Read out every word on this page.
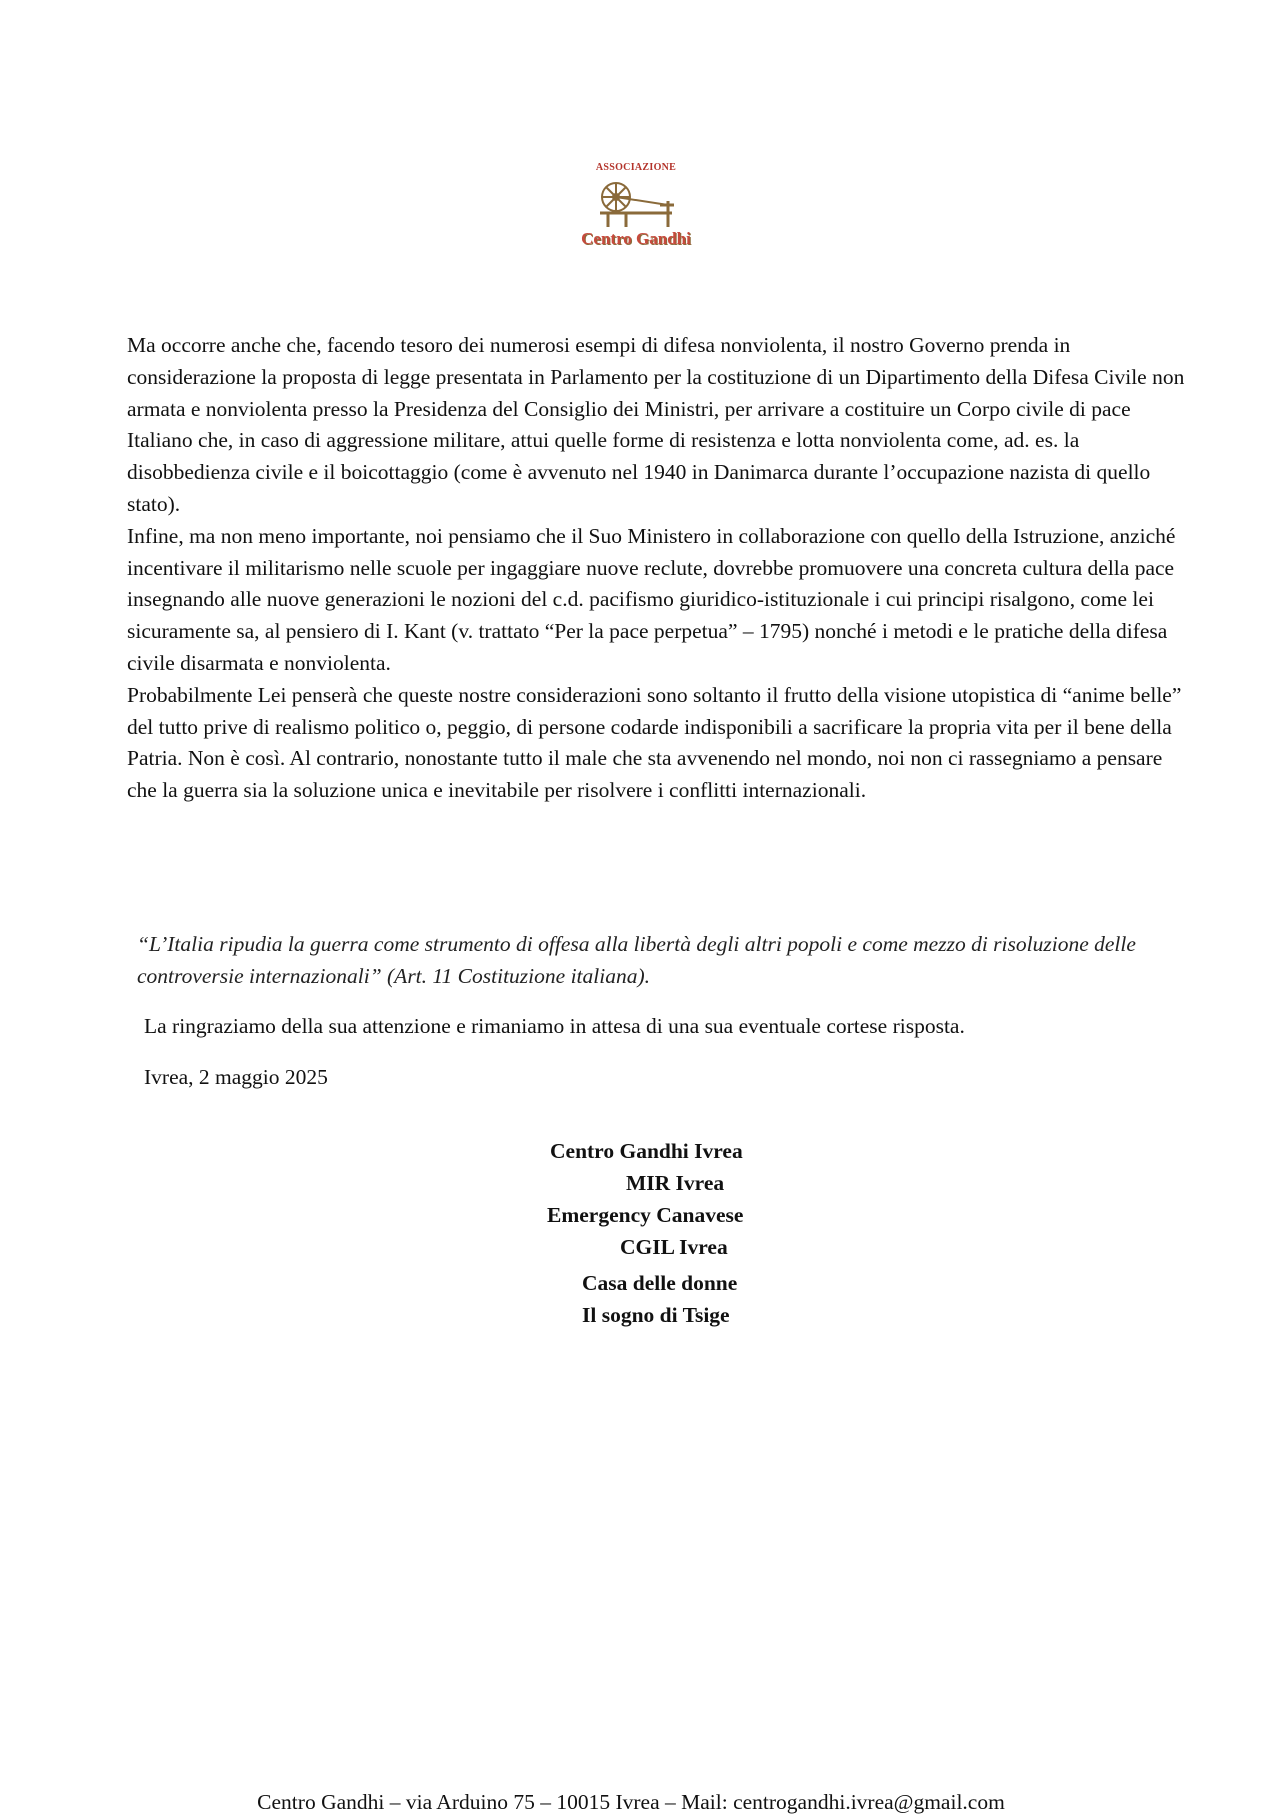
ASSOCIAZIONE
Centro Gandhi

Ma occorre anche che, facendo tesoro dei numerosi esempi di difesa nonviolenta, il nostro Governo prenda in considerazione la proposta di legge presentata in Parlamento per la costituzione di un Dipartimento della Difesa Civile non armata e nonviolenta presso la Presidenza del Consiglio dei Ministri, per arrivare a costituire un Corpo civile di pace Italiano che, in caso di aggressione militare, attui quelle forme di resistenza e lotta nonviolenta come, ad. es. la disobbedienza civile e il boicottaggio (come è avvenuto nel 1940 in Danimarca durante l’occupazione nazista di quello stato).

Infine, ma non meno importante, noi pensiamo che il Suo Ministero in collaborazione con quello della Istruzione, anziché incentivare il militarismo nelle scuole per ingaggiare nuove reclute, dovrebbe promuovere una concreta cultura della pace insegnando alle nuove generazioni le nozioni del c.d. pacifismo giuridico-istituzionale i cui principi risalgono, come lei sicuramente sa, al pensiero di I. Kant (v. trattato “Per la pace perpetua” – 1795) nonché i metodi e le pratiche della difesa civile disarmata e nonviolenta.

Probabilmente Lei penserà che queste nostre considerazioni sono soltanto il frutto della visione utopistica di “anime belle” del tutto prive di realismo politico o, peggio, di persone codarde indisponibili a sacrificare la propria vita per il bene della Patria. Non è così. Al contrario, nonostante tutto il male che sta avvenendo nel mondo, noi non ci rassegniamo a pensare che la guerra sia la soluzione unica e inevitabile per risolvere i conflitti internazionali.

“L’Italia ripudia la guerra come strumento di offesa alla libertà degli altri popoli e come mezzo di risoluzione delle controversie internazionali” (Art. 11 Costituzione italiana).

La ringraziamo della sua attenzione e rimaniamo in attesa di una sua eventuale cortese risposta.

Ivrea, 2 maggio 2025

Centro Gandhi Ivrea
MIR Ivrea
Emergency Canavese
CGIL Ivrea
Casa delle donne
Il sogno di Tsige
Centro Gandhi – via Arduino 75 – 10015 Ivrea – Mail: centrogandhi.ivrea@gmail.com
